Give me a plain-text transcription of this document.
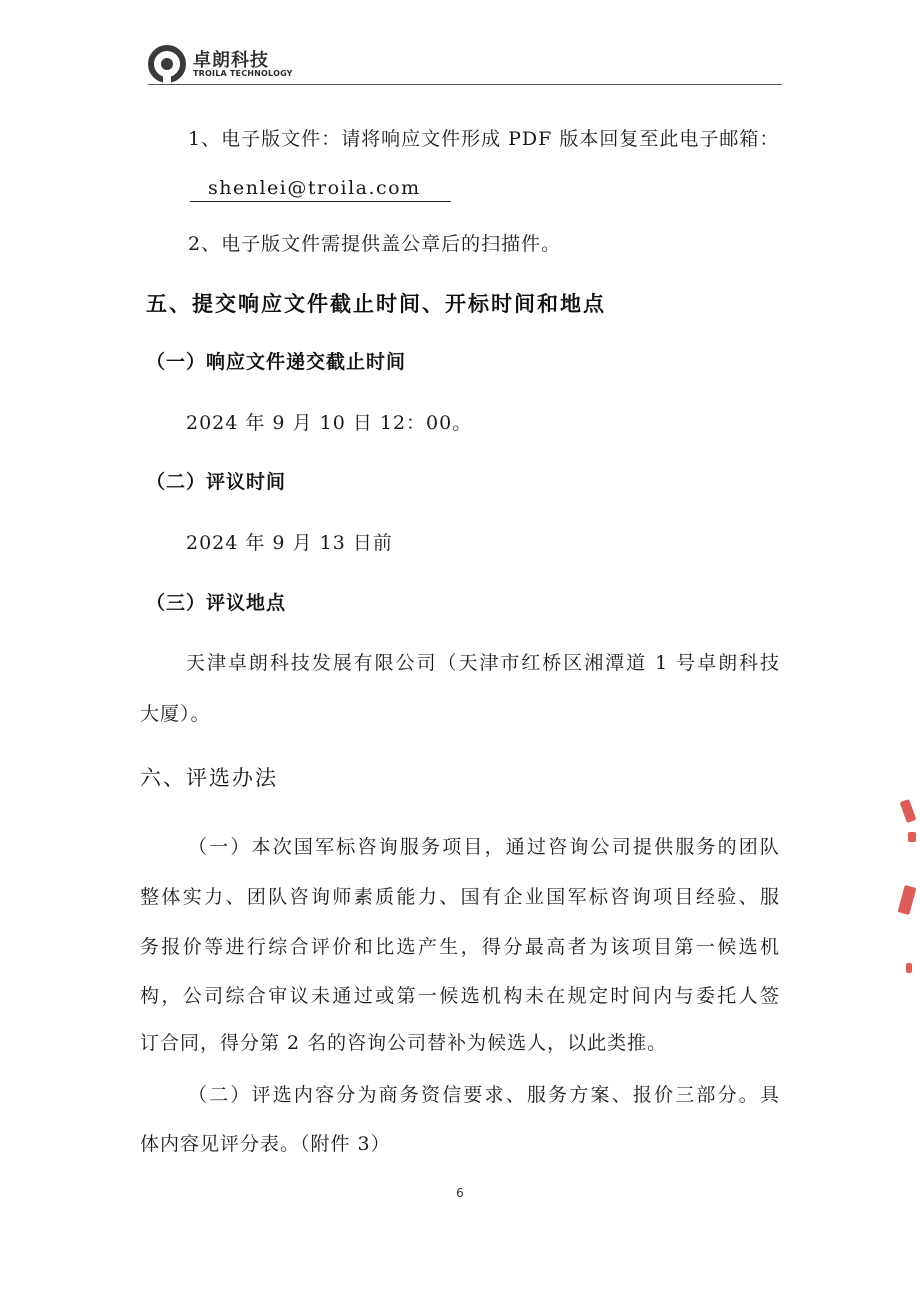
卓朗科技
TROILA TECHNOLOGY
1、电子版文件：请将响应文件形成 PDF 版本回复至此电子邮箱：
shenlei@troila.com
2、电子版文件需提供盖公章后的扫描件。
五、提交响应文件截止时间、开标时间和地点
（一）响应文件递交截止时间
2024 年 9 月 10 日 12：00。
（二）评议时间
2024 年 9 月 13 日前
（三）评议地点
天津卓朗科技发展有限公司（天津市红桥区湘潭道 1 号卓朗科技
大厦）。
六、评选办法
（一）本次国军标咨询服务项目，通过咨询公司提供服务的团队
整体实力、团队咨询师素质能力、国有企业国军标咨询项目经验、服
务报价等进行综合评价和比选产生，得分最高者为该项目第一候选机
构，公司综合审议未通过或第一候选机构未在规定时间内与委托人签
订合同，得分第 2 名的咨询公司替补为候选人，以此类推。
（二）评选内容分为商务资信要求、服务方案、报价三部分。具
体内容见评分表。（附件 3）
6
